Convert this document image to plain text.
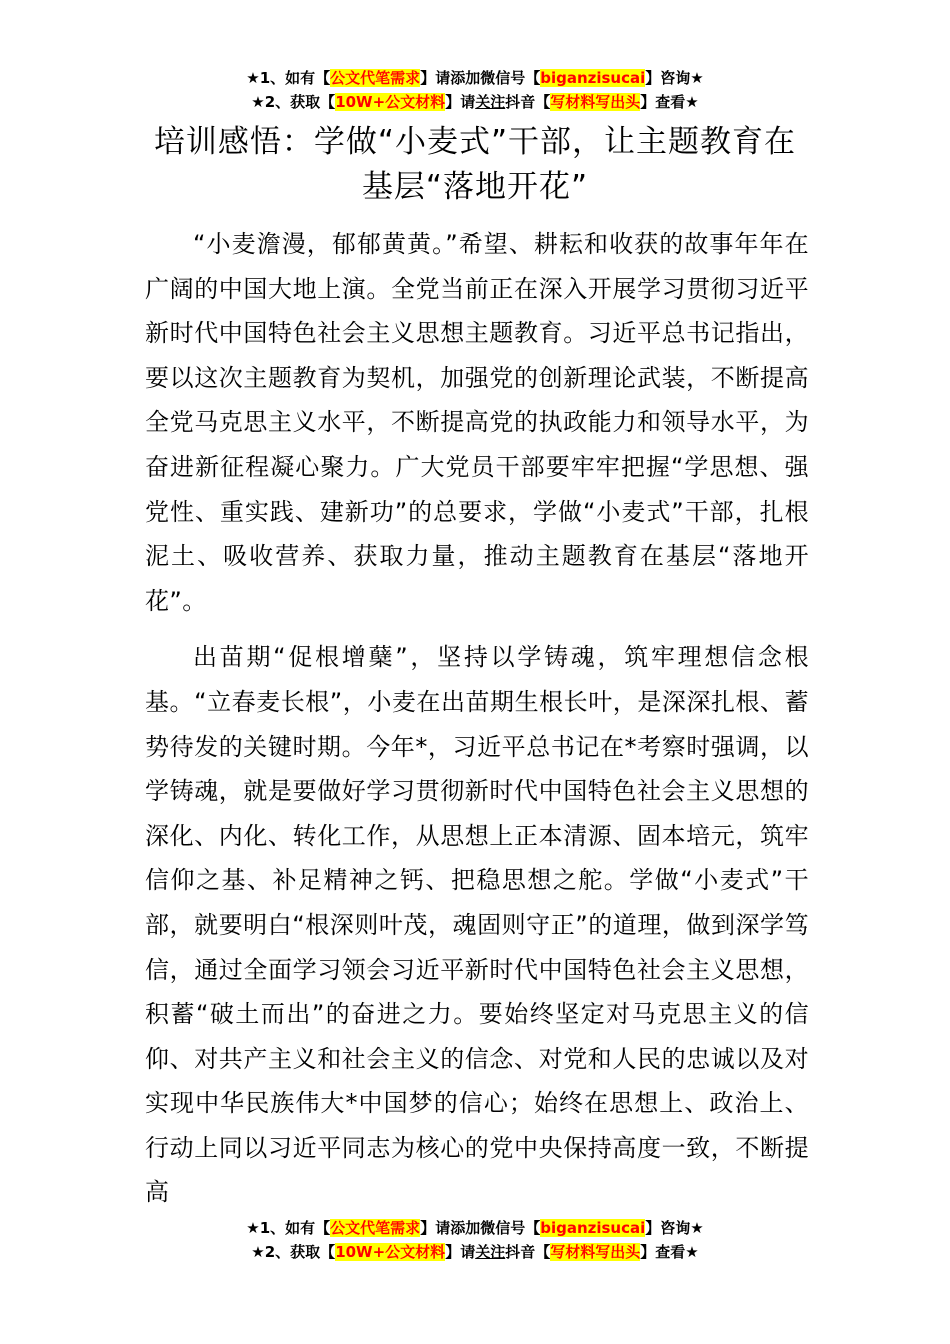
★1、如有【公文代笔需求】请添加微信号【biganzisucai】咨询★
★2、获取【10W+公文材料】请关注抖音【写材料写出头】查看★
培训感悟：学做“小麦式”干部，让主题教育在基层“落地开花”

“小麦澹漫，郁郁黄黄。”希望、耕耘和收获的故事年年在广阔的中国大地上演。全党当前正在深入开展学习贯彻习近平新时代中国特色社会主义思想主题教育。习近平总书记指出，要以这次主题教育为契机，加强党的创新理论武装，不断提高全党马克思主义水平，不断提高党的执政能力和领导水平，为奋进新征程凝心聚力。广大党员干部要牢牢把握“学思想、强党性、重实践、建新功”的总要求，学做“小麦式”干部，扎根泥土、吸收营养、获取力量，推动主题教育在基层“落地开花”。

出苗期“促根增蘖”，坚持以学铸魂，筑牢理想信念根基。“立春麦长根”，小麦在出苗期生根长叶，是深深扎根、蓄势待发的关键时期。今年*，习近平总书记在*考察时强调，以学铸魂，就是要做好学习贯彻新时代中国特色社会主义思想的深化、内化、转化工作，从思想上正本清源、固本培元，筑牢信仰之基、补足精神之钙、把稳思想之舵。学做“小麦式”干部，就要明白“根深则叶茂，魂固则守正”的道理，做到深学笃信，通过全面学习领会习近平新时代中国特色社会主义思想，积蓄“破土而出”的奋进之力。要始终坚定对马克思主义的信仰、对共产主义和社会主义的信念、对党和人民的忠诚以及对实现中华民族伟大*中国梦的信心；始终在思想上、政治上、行动上同以习近平同志为核心的党中央保持高度一致，不断提高

★1、如有【公文代笔需求】请添加微信号【biganzisucai】咨询★
★2、获取【10W+公文材料】请关注抖音【写材料写出头】查看★
